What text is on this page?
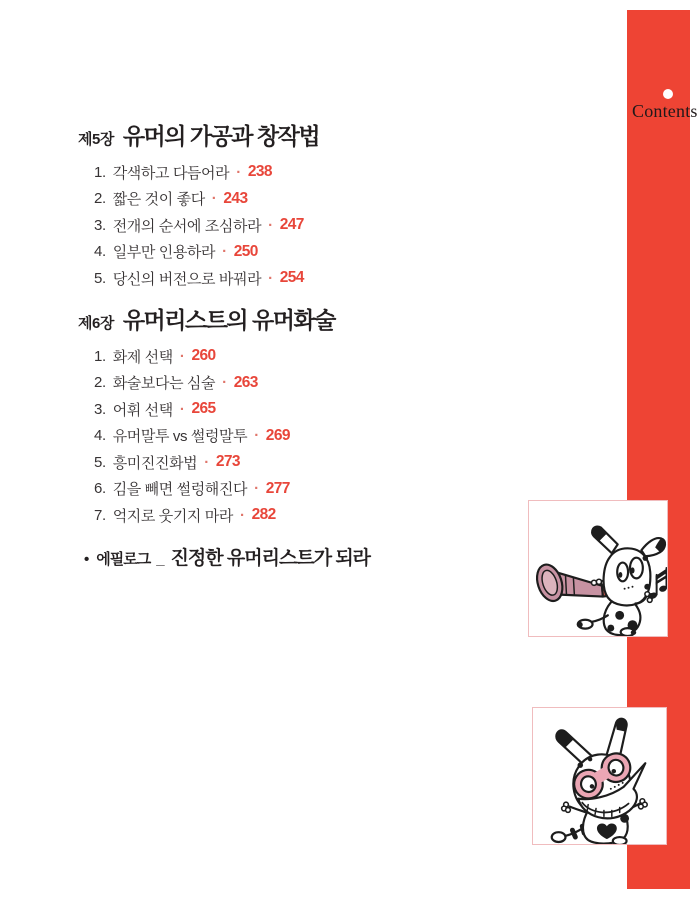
Contents
제5장 유머의 가공과 창작법
1. 각색하고 다듬어라 · 238
2. 짧은 것이 좋다 · 243
3. 전개의 순서에 조심하라 · 247
4. 일부만 인용하라 · 250
5. 당신의 버전으로 바꿔라 · 254
제6장 유머리스트의 유머화술
1. 화제 선택 · 260
2. 화술보다는 심술 · 263
3. 어휘 선택 · 265
4. 유머말투 vs 썰렁말투 · 269
5. 흥미진진화법 · 273
6. 김을 빼면 썰렁해진다 · 277
7. 억지로 웃기지 마라 · 282
• 에필로그 _ 진정한 유머리스트가 되라
